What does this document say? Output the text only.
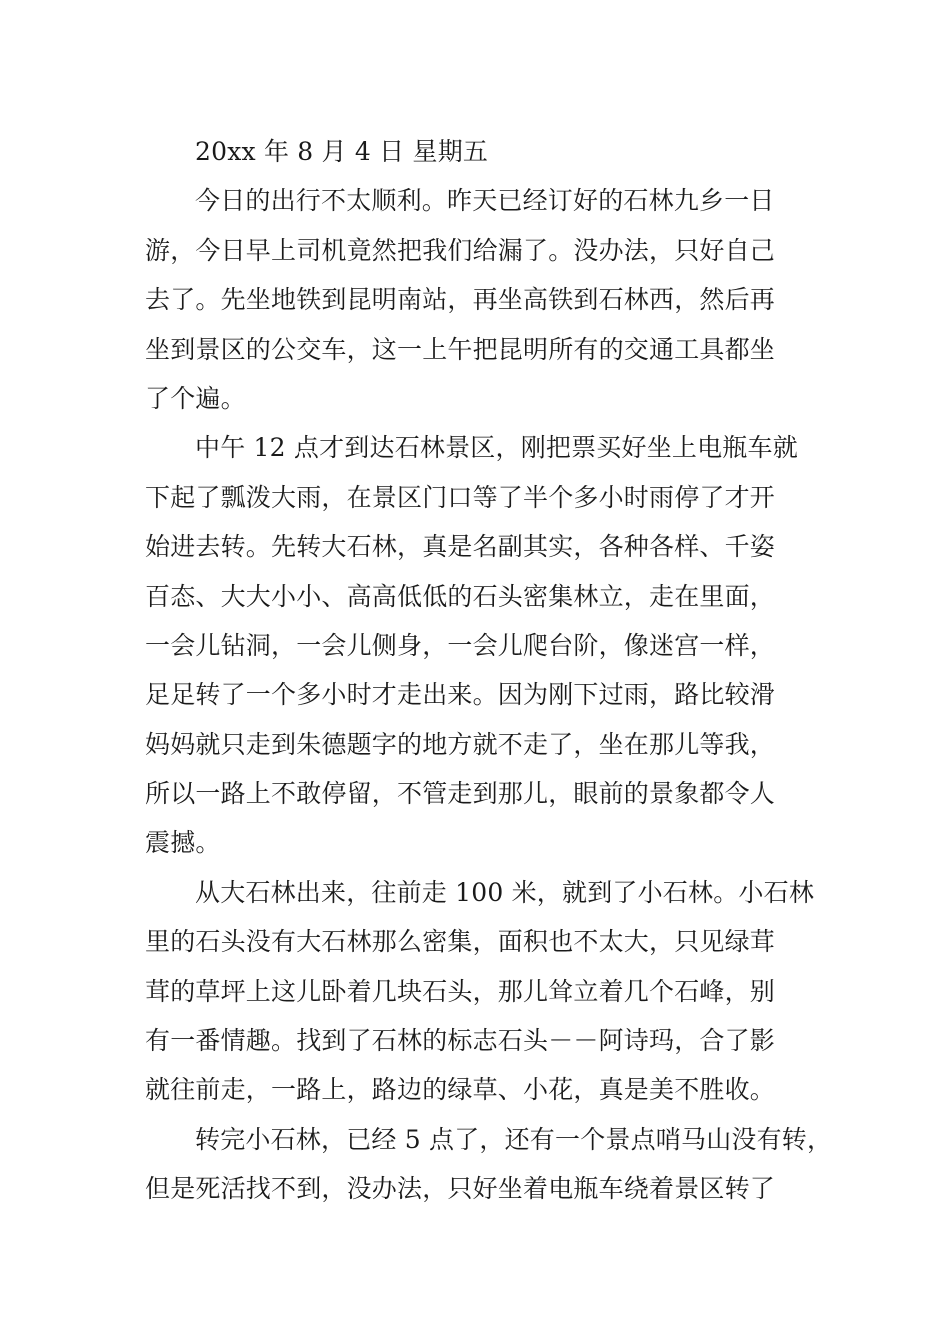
20xx 年 8 月 4 日 星期五
今日的出行不太顺利。昨天已经订好的石林九乡一日
游，今日早上司机竟然把我们给漏了。没办法，只好自己
去了。先坐地铁到昆明南站，再坐高铁到石林西，然后再
坐到景区的公交车，这一上午把昆明所有的交通工具都坐
了个遍。
中午 12 点才到达石林景区，刚把票买好坐上电瓶车就
下起了瓢泼大雨，在景区门口等了半个多小时雨停了才开
始进去转。先转大石林，真是名副其实，各种各样、千姿
百态、大大小小、高高低低的石头密集林立，走在里面，
一会儿钻洞，一会儿侧身，一会儿爬台阶，像迷宫一样，
足足转了一个多小时才走出来。因为刚下过雨，路比较滑
妈妈就只走到朱德题字的地方就不走了，坐在那儿等我，
所以一路上不敢停留，不管走到那儿，眼前的景象都令人
震撼。
从大石林出来，往前走 100 米，就到了小石林。小石林
里的石头没有大石林那么密集，面积也不太大，只见绿茸
茸的草坪上这儿卧着几块石头，那儿耸立着几个石峰，别
有一番情趣。找到了石林的标志石头－－阿诗玛，合了影
就往前走，一路上，路边的绿草、小花，真是美不胜收。
转完小石林，已经 5 点了，还有一个景点哨马山没有转，
但是死活找不到，没办法，只好坐着电瓶车绕着景区转了
